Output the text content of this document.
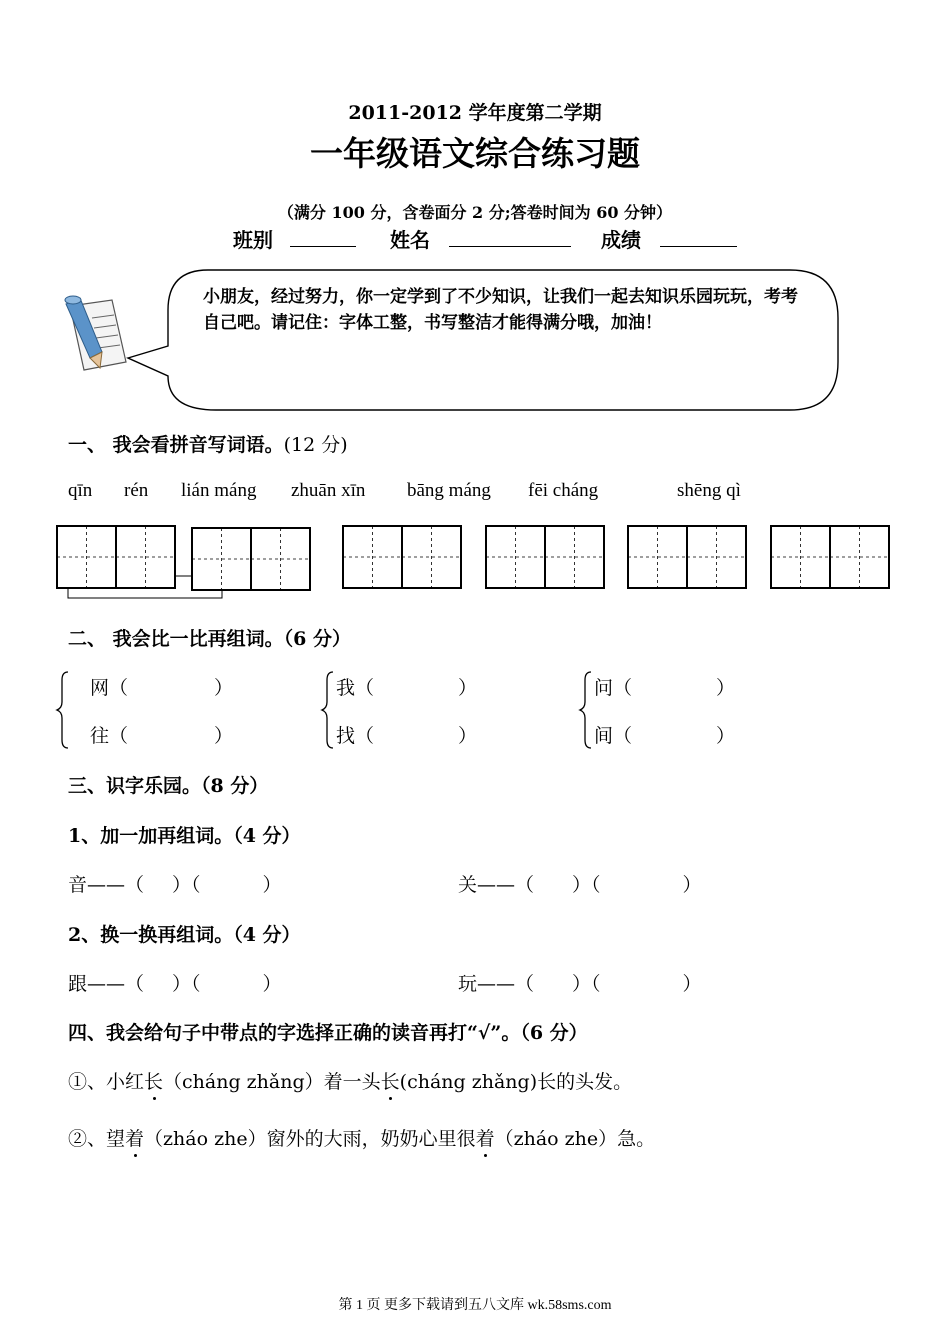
2011-2012 学年度第二学期
一年级语文综合练习题
（满分 100 分，含卷面分 2 分;答卷时间为 60 分钟）
班别	姓名	成绩
小朋友，经过努力，你一定学到了不少知识，让我们一起去知识乐园玩玩，考考自己吧。请记住：字体工整，书写整洁才能得满分哦，加油！
一、 我会看拼音写词语。(12 分)
qīn rén lián máng zhuān xīn bāng máng fēi cháng	shēng qì
二、 我会比一比再组词。（6 分）
网（	）
往（	）
我（	）
找（	）
问（	）
间（	）
三、识字乐园。（8 分）
1、加一加再组词。（4 分）
音——（ ）（	）	关——（ ）（	）
2、换一换再组词。（4 分）
跟——（ ）（	）	玩——（ ）（	）
四、我会给句子中带点的字选择正确的读音再打“√”。（6 分）
①、小红长（cháng zhǎng）着一头长(cháng zhǎng)长的头发。
②、望着（zháo zhe）窗外的大雨，奶奶心里很着（zháo zhe）急。
第 1 页 更多下载请到五八文库 wk.58sms.com
